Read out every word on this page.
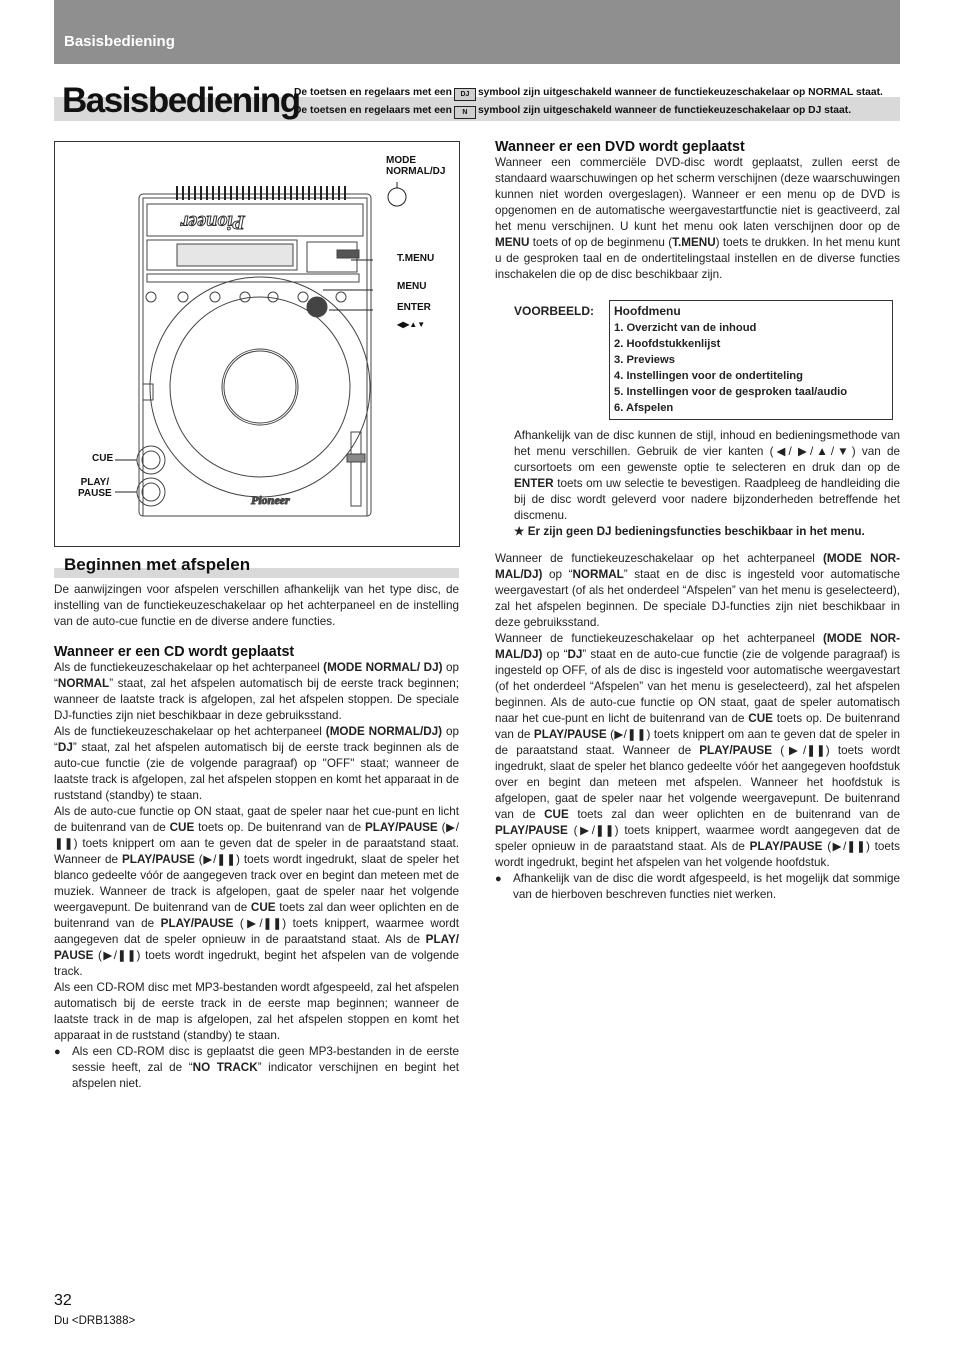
Basisbediening
Basisbediening
De toetsen en regelaars met een DJ symbool zijn uitgeschakeld wanneer de functiekeuzeschakelaar op NORMAL staat.
De toetsen en regelaars met een N symbool zijn uitgeschakeld wanneer de functiekeuzeschakelaar op DJ staat.
Pioneer
Pioneer
MODE
NORMAL/DJ
T.MENU
MENU
ENTER
◀▶▲▼
CUE
PLAY/
PAUSE
Beginnen met afspelen

De aanwijzingen voor afspelen verschillen afhankelijk van het type disc, de instelling van de functiekeuzeschakelaar op het achterpaneel en de instelling van de auto-cue functie en de diverse andere functies.

Wanneer er een CD wordt geplaatst

Als de functiekeuzeschakelaar op het achterpaneel (MODE NORMAL/ DJ) op “NORMAL” staat, zal het afspelen automatisch bij de eerste track beginnen; wanneer de laatste track is afgelopen, zal het afspelen stoppen. De speciale DJ-functies zijn niet beschikbaar in deze gebruiksstand.

Als de functiekeuzeschakelaar op het achterpaneel (MODE NORMAL/DJ) op “DJ” staat, zal het afspelen automatisch bij de eerste track beginnen als de auto-cue functie (zie de volgende paragraaf) op "OFF" staat; wanneer de laatste track is afgelopen, zal het afspelen stoppen en komt het apparaat in de ruststand (standby) te staan.

Als de auto-cue functie op ON staat, gaat de speler naar het cue-punt en licht de buitenrand van de CUE toets op. De buitenrand van de PLAY/PAUSE (▶/❚❚) toets knippert om aan te geven dat de speler in de paraatstand staat. Wanneer de PLAY/PAUSE (▶/❚❚) toets wordt ingedrukt, slaat de speler het blanco gedeelte vóór de aangegeven track over en begint dan meteen met de muziek. Wanneer de track is afgelopen, gaat de speler naar het volgende weergavepunt. De buitenrand van de CUE toets zal dan weer oplichten en de buitenrand van de PLAY/PAUSE (▶/❚❚) toets knippert, waarmee wordt aangegeven dat de speler opnieuw in de paraatstand staat. Als de PLAY/ PAUSE (▶/❚❚) toets wordt ingedrukt, begint het afspelen van de volgende track.

Als een CD-ROM disc met MP3-bestanden wordt afgespeeld, zal het afspelen automatisch bij de eerste track in de eerste map beginnen; wanneer de laatste track in de map is afgelopen, zal het afspelen stoppen en komt het apparaat in de ruststand (standby) te staan.

● Als een CD-ROM disc is geplaatst die geen MP3-bestanden in de eerste sessie heeft, zal de “NO TRACK” indicator verschijnen en begint het afspelen niet.

Wanneer er een DVD wordt geplaatst

Wanneer een commerciële DVD-disc wordt geplaatst, zullen eerst de standaard waarschuwingen op het scherm verschijnen (deze waarschuwingen kunnen niet worden overgeslagen). Wanneer er een menu op de DVD is opgenomen en de automatische weergavestartfunctie niet is geactiveerd, zal het menu verschijnen. U kunt het menu ook laten verschijnen door op de MENU toets of op de beginmenu (T.MENU) toets te drukken. In het menu kunt u de gesproken taal en de ondertitelingstaal instellen en de diverse functies inschakelen die op de disc beschikbaar zijn.

VOORBEELD: Hoofdmenu
1. Overzicht van de inhoud
2. Hoofdstukkenlijst
3. Previews
4. Instellingen voor de ondertiteling
5. Instellingen voor de gesproken taal/audio
6. Afspelen

Afhankelijk van de disc kunnen de stijl, inhoud en bedieningsmethode van het menu verschillen. Gebruik de vier kanten (◀/ ▶/▲/▼) van de cursortoets om een gewenste optie te selecteren en druk dan op de ENTER toets om uw selectie te bevestigen. Raadpleeg de handleiding die bij de disc wordt geleverd voor nadere bijzonderheden betreffende het discmenu.

★ Er zijn geen DJ bedieningsfuncties beschikbaar in het menu.

Wanneer de functiekeuzeschakelaar op het achterpaneel (MODE NOR-MAL/DJ) op “NORMAL” staat en de disc is ingesteld voor automatische weergavestart (of als het onderdeel “Afspelen” van het menu is geselecteerd), zal het afspelen beginnen. De speciale DJ-functies zijn niet beschikbaar in deze gebruiksstand.

Wanneer de functiekeuzeschakelaar op het achterpaneel (MODE NOR-MAL/DJ) op “DJ” staat en de auto-cue functie (zie de volgende paragraaf) is ingesteld op OFF, of als de disc is ingesteld voor automatische weergavestart (of het onderdeel “Afspelen” van het menu is geselecteerd), zal het afspelen beginnen. Als de auto-cue functie op ON staat, gaat de speler automatisch naar het cue-punt en licht de buitenrand van de CUE toets op. De buitenrand van de PLAY/PAUSE (▶/❚❚) toets knippert om aan te geven dat de speler in de paraatstand staat. Wanneer de PLAY/PAUSE (▶/❚❚) toets wordt ingedrukt, slaat de speler het blanco gedeelte vóór het aangegeven hoofdstuk over en begint dan meteen met afspelen. Wanneer het hoofdstuk is afgelopen, gaat de speler naar het volgende weergavepunt. De buitenrand van de CUE toets zal dan weer oplichten en de buitenrand van de PLAY/PAUSE (▶/❚❚) toets knippert, waarmee wordt aangegeven dat de speler opnieuw in de paraatstand staat. Als de PLAY/PAUSE (▶/❚❚) toets wordt ingedrukt, begint het afspelen van het volgende hoofdstuk.

● Afhankelijk van de disc die wordt afgespeeld, is het mogelijk dat sommige van de hierboven beschreven functies niet werken.

32
Du <DRB1388>
